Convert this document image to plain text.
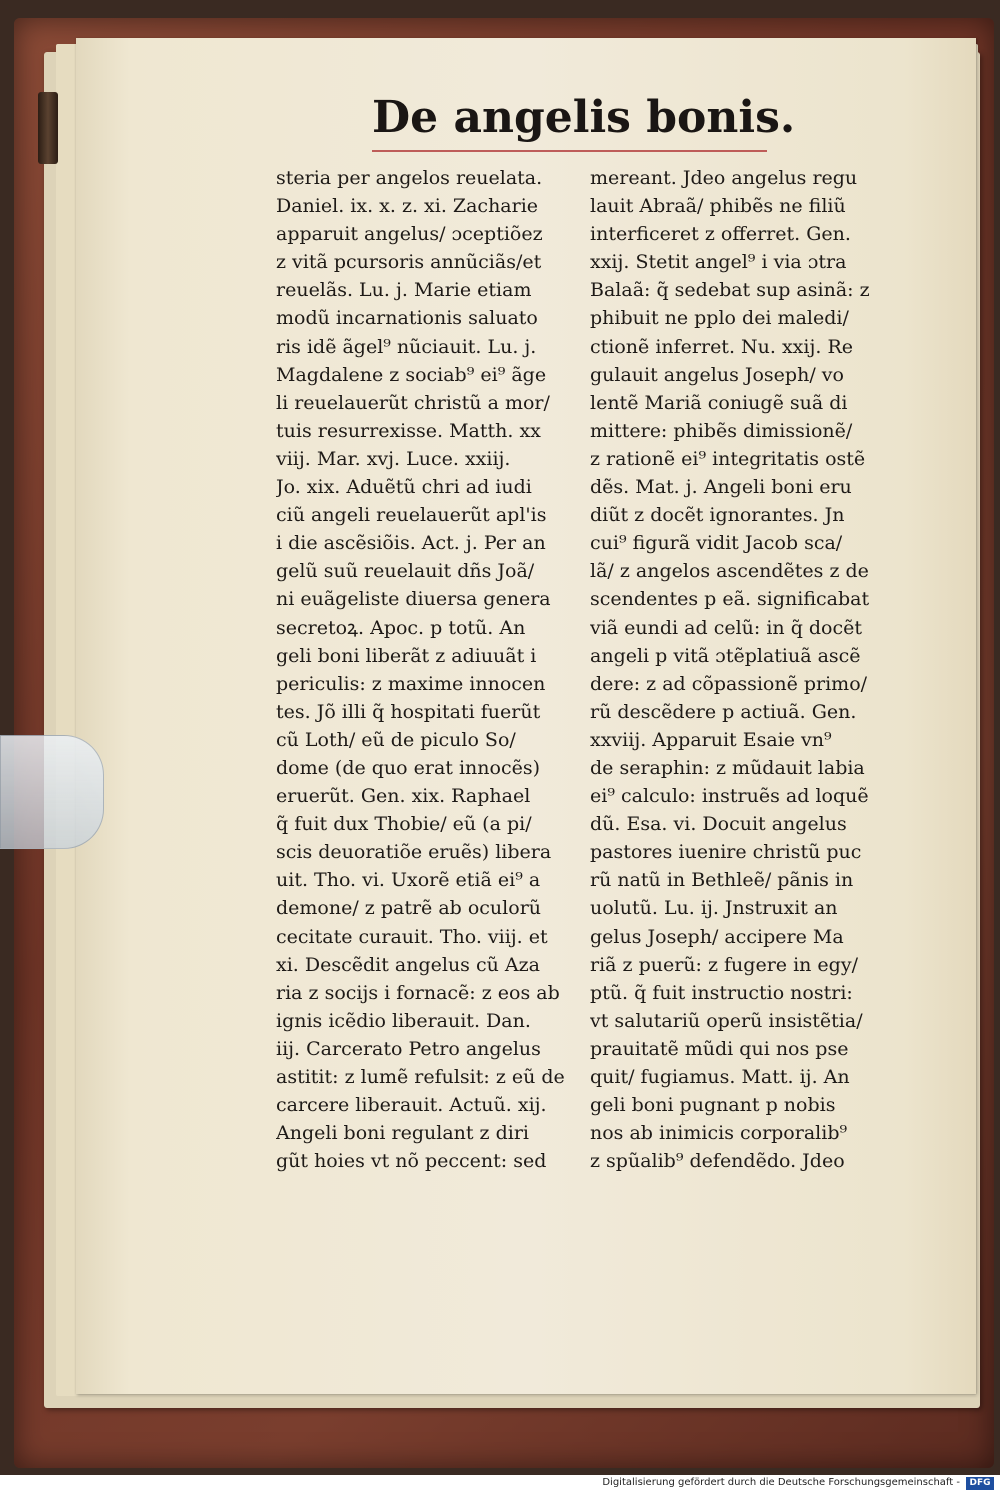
De angelis bonis.
steria per angelos reuelata.
Daniel. ix. x. z. xi. Zacharie
apparuit angelus/ ɔceptiõez
z vitã pcursoris annũciãs/et
reuelãs. Lu. j. Marie etiam
modũ incarnationis saluato
ris idẽ ãgel⁹ nũciauit. Lu. j.
Magdalene z sociab⁹ ei⁹ ãge
li reuelauerũt christũ a mor/
tuis resurrexisse. Matth. xx
viij. Mar. xvj. Luce. xxiij.
Jo. xix. Aduẽtũ chri ad iudi
ciũ angeli reuelauerũt apl'is
i die ascẽsiõis. Act. j. Per an
gelũ suũ reuelauit dñs Joã/
ni euãgeliste diuersa genera
secretoꝝ. Apoc. p totũ. An
geli boni liberãt z adiuuãt i
periculis: z maxime innocen
tes. Jõ illi q̃ hospitati fuerũt
cũ Loth/ eũ de piculo So/
dome (de quo erat innocẽs)
eruerũt. Gen. xix. Raphael
q̃ fuit dux Thobie/ eũ (a pi/
scis deuoratiõe eruẽs) libera
uit. Tho. vi. Uxorẽ etiã ei⁹ a
demone/ z patrẽ ab oculorũ
cecitate curauit. Tho. viij. et
xi. Descẽdit angelus cũ Aza
ria z socijs i fornacẽ: z eos ab
ignis icẽdio liberauit. Dan.
iij. Carcerato Petro angelus
astitit: z lumẽ refulsit: z eũ de
carcere liberauit. Actuũ. xij.
Angeli boni regulant z diri
gũt hoies vt nõ peccent: sed
mereant. Jdeo angelus regu
lauit Abraã/ phibẽs ne filiũ
interficeret z offerret. Gen.
xxij. Stetit angel⁹ i via ɔtra
Balaã: q̃ sedebat sup asinã: z
phibuit ne pplo dei maledi/
ctionẽ inferret. Nu. xxij. Re
gulauit angelus Joseph/ vo
lentẽ Mariã coniugẽ suã di
mittere: phibẽs dimissionẽ/
z rationẽ ei⁹ integritatis ostẽ
dẽs. Mat. j. Angeli boni eru
diũt z docẽt ignorantes. Jn
cui⁹ figurã vidit Jacob sca/
lã/ z angelos ascendẽtes z de
scendentes p eã. significabat
viã eundi ad celũ: in q̃ docẽt
angeli p vitã ɔtẽplatiuã ascẽ
dere: z ad cõpassionẽ primo/
rũ descẽdere p actiuã. Gen.
xxviij. Apparuit Esaie vn⁹
de seraphin: z mũdauit labia
ei⁹ calculo: instruẽs ad loquẽ
dũ. Esa. vi. Docuit angelus
pastores iuenire christũ puc
rũ natũ in Bethleẽ/ pãnis in
uolutũ. Lu. ij. Jnstruxit an
gelus Joseph/ accipere Ma
riã z puerũ: z fugere in egy/
ptũ. q̃ fuit instructio nostri:
vt salutariũ operũ insistẽtia/
prauitatẽ mũdi qui nos pse
quit/ fugiamus. Matt. ij. An
geli boni pugnant p nobis
nos ab inimicis corporalib⁹
z spũalib⁹ defendẽdo. Jdeo
Digitalisierung gefördert durch die Deutsche Forschungsgemeinschaft -	DFG
